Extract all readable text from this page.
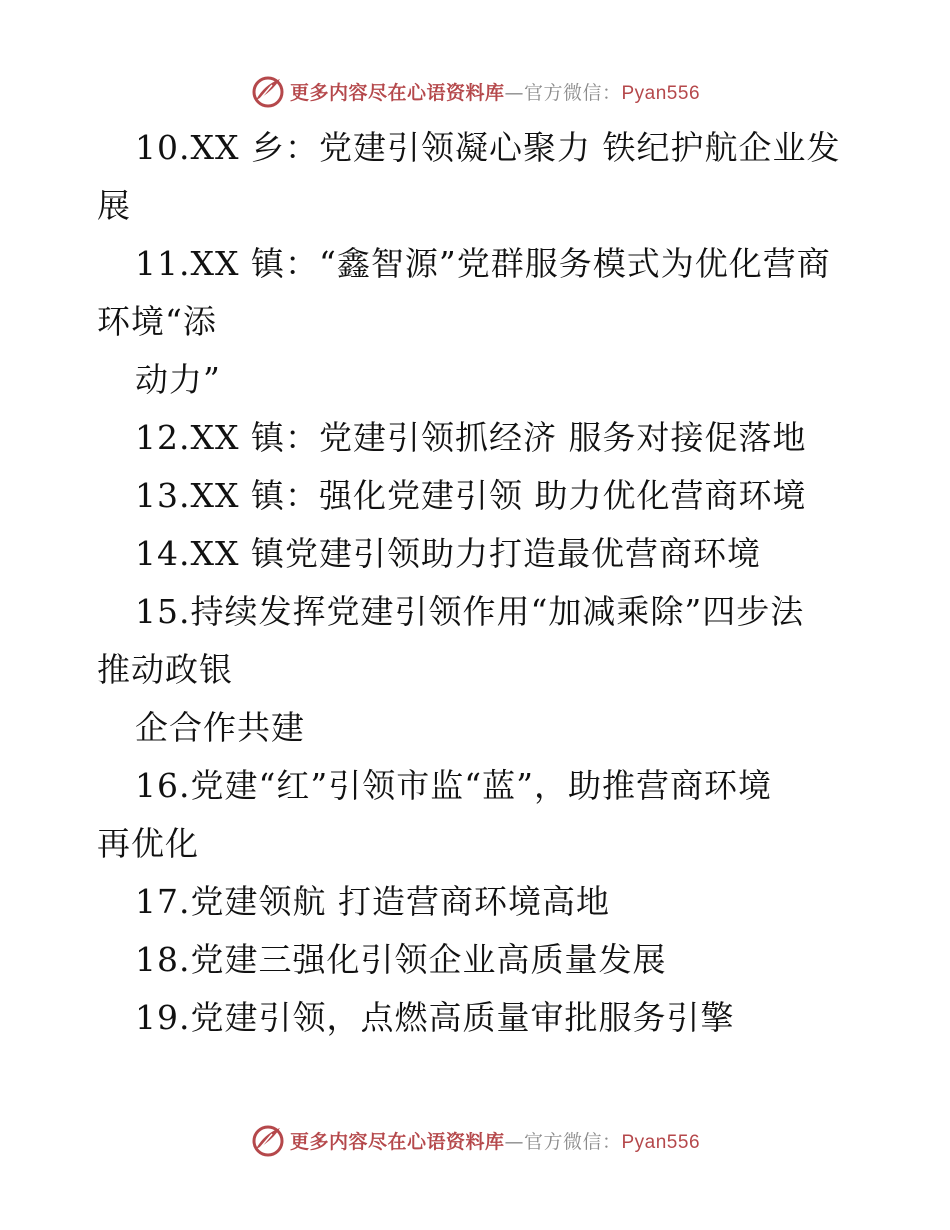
更多内容尽在心语资料库—官方微信：Pyan556
10.XX 乡：党建引领凝心聚力 铁纪护航企业发
展
11.XX 镇：“鑫智源”党群服务模式为优化营商
环境“添
动力”
12.XX 镇：党建引领抓经济 服务对接促落地
13.XX 镇：强化党建引领 助力优化营商环境
14.XX 镇党建引领助力打造最优营商环境
15.持续发挥党建引领作用“加减乘除”四步法
推动政银
企合作共建
16.党建“红”引领市监“蓝”，助推营商环境
再优化
17.党建领航 打造营商环境高地
18.党建三强化引领企业高质量发展
19.党建引领，点燃高质量审批服务引擎
更多内容尽在心语资料库—官方微信：Pyan556
